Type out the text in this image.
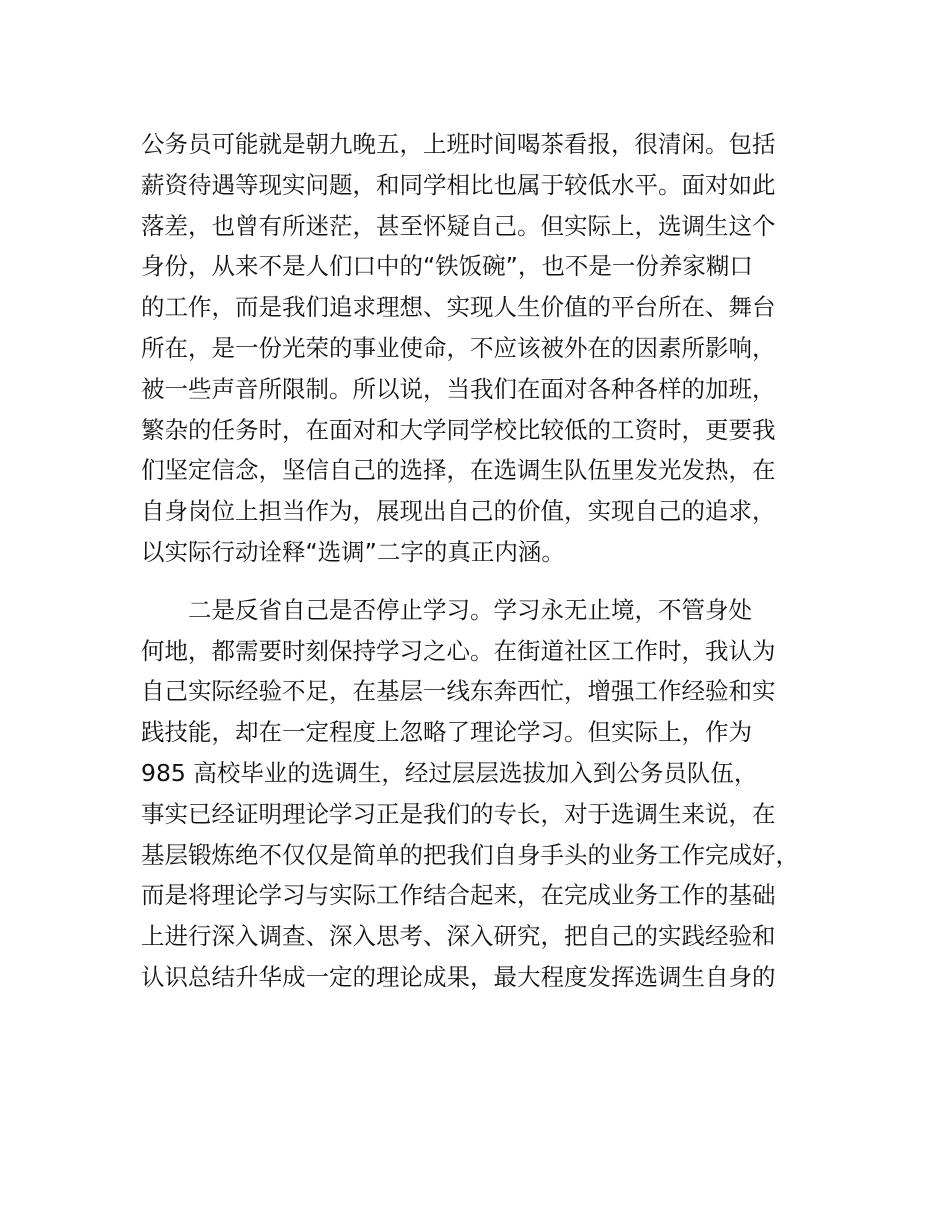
公务员可能就是朝九晚五，上班时间喝茶看报，很清闲。包括
薪资待遇等现实问题，和同学相比也属于较低水平。面对如此
落差，也曾有所迷茫，甚至怀疑自己。但实际上，选调生这个
身份，从来不是人们口中的“铁饭碗”，也不是一份养家糊口
的工作，而是我们追求理想、实现人生价值的平台所在、舞台
所在，是一份光荣的事业使命，不应该被外在的因素所影响，
被一些声音所限制。所以说，当我们在面对各种各样的加班，
繁杂的任务时，在面对和大学同学校比较低的工资时，更要我
们坚定信念，坚信自己的选择，在选调生队伍里发光发热，在
自身岗位上担当作为，展现出自己的价值，实现自己的追求，
以实际行动诠释“选调”二字的真正内涵。

二是反省自己是否停止学习。学习永无止境，不管身处
何地，都需要时刻保持学习之心。在街道社区工作时，我认为
自己实际经验不足，在基层一线东奔西忙，增强工作经验和实
践技能，却在一定程度上忽略了理论学习。但实际上，作为
985 高校毕业的选调生，经过层层选拔加入到公务员队伍，
事实已经证明理论学习正是我们的专长，对于选调生来说，在
基层锻炼绝不仅仅是简单的把我们自身手头的业务工作完成好，
而是将理论学习与实际工作结合起来，在完成业务工作的基础
上进行深入调查、深入思考、深入研究，把自己的实践经验和
认识总结升华成一定的理论成果，最大程度发挥选调生自身的
